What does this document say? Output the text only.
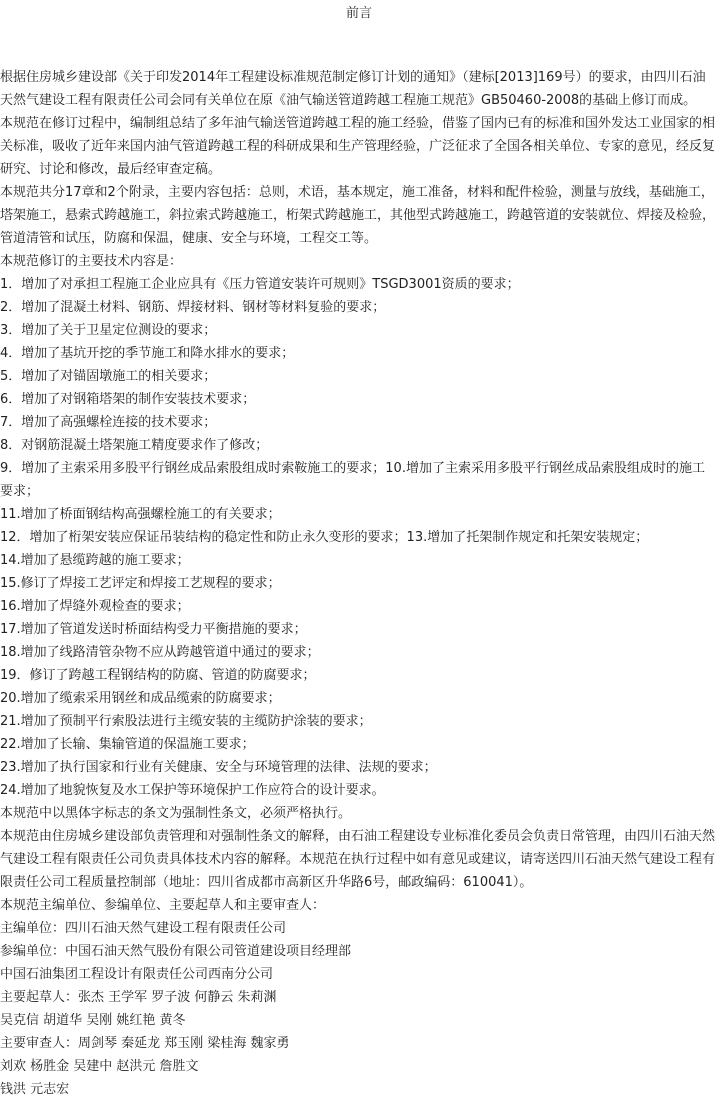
前言

根据住房城乡建设部《关于印发2014年工程建设标准规范制定修订计划的通知》（建标[2013]169号）的要求，由四川石油天然气建设工程有限责任公司会同有关单位在原《油气输送管道跨越工程施工规范》GB50460-2008的基础上修订而成。

本规范在修订过程中，编制组总结了多年油气输送管道跨越工程的施工经验，借鉴了国内已有的标准和国外发达工业国家的相关标准，吸收了近年来国内油气管道跨越工程的科研成果和生产管理经验，广泛征求了全国各相关单位、专家的意见，经反复研究、讨论和修改，最后经审查定稿。

本规范共分17章和2个附录，主要内容包括：总则，术语，基本规定，施工准备，材料和配件检验，测量与放线，基础施工，塔架施工，悬索式跨越施工，斜拉索式跨越施工，桁架式跨越施工，其他型式跨越施工，跨越管道的安装就位、焊接及检验，管道清管和试压，防腐和保温，健康、安全与环境，工程交工等。

本规范修订的主要技术内容是：

1．增加了对承担工程施工企业应具有《压力管道安装许可规则》TSGD3001资质的要求；

2．增加了混凝土材料、钢筋、焊接材料、钢材等材料复验的要求；

3．增加了关于卫星定位测设的要求；

4．增加了基坑开挖的季节施工和降水排水的要求；

5．增加了对锚固墩施工的相关要求；

6．增加了对钢箱塔架的制作安装技术要求；

7．增加了高强螺栓连接的技术要求；

8．对钢筋混凝土塔架施工精度要求作了修改；

9．增加了主索采用多股平行钢丝成品索股组成时索鞍施工的要求；10.增加了主索采用多股平行钢丝成品索股组成时的施工要求；

11.增加了桥面钢结构高强螺栓施工的有关要求；

12．增加了桁架安装应保证吊装结构的稳定性和防止永久变形的要求；13.增加了托架制作规定和托架安装规定；

14.增加了悬缆跨越的施工要求；

15.修订了焊接工艺评定和焊接工艺规程的要求；

16.增加了焊缝外观检查的要求；

17.增加了管道发送时桥面结构受力平衡措施的要求；

18.增加了线路清管杂物不应从跨越管道中通过的要求；

19．修订了跨越工程钢结构的防腐、管道的防腐要求；

20.增加了缆索采用钢丝和成品缆索的防腐要求；

21.增加了预制平行索股法进行主缆安装的主缆防护涂装的要求；

22.增加了长输、集输管道的保温施工要求；

23.增加了执行国家和行业有关健康、安全与环境管理的法律、法规的要求；

24.增加了地貌恢复及水工保护等环境保护工作应符合的设计要求。

本规范中以黑体字标志的条文为强制性条文，必须严格执行。

本规范由住房城乡建设部负责管理和对强制性条文的解释，由石油工程建设专业标准化委员会负责日常管理，由四川石油天然气建设工程有限责任公司负责具体技术内容的解释。本规范在执行过程中如有意见或建议，请寄送四川石油天然气建设工程有限责任公司工程质量控制部（地址：四川省成都市高新区升华路6号，邮政编码：610041）。

本规范主编单位、参编单位、主要起草人和主要审查人：

主编单位：四川石油天然气建设工程有限责任公司

参编单位：中国石油天然气股份有限公司管道建设项目经理部

中国石油集团工程设计有限责任公司西南分公司

主要起草人：张杰 王学军 罗子波 何静云 朱莉渊

吴克信 胡道华 吴刚 姚红艳 黄冬

主要审查人：周剑琴 秦延龙 郑玉刚 梁桂海 魏家勇

刘欢 杨胜金 吴建中 赵洪元 詹胜文

钱洪 元志宏
